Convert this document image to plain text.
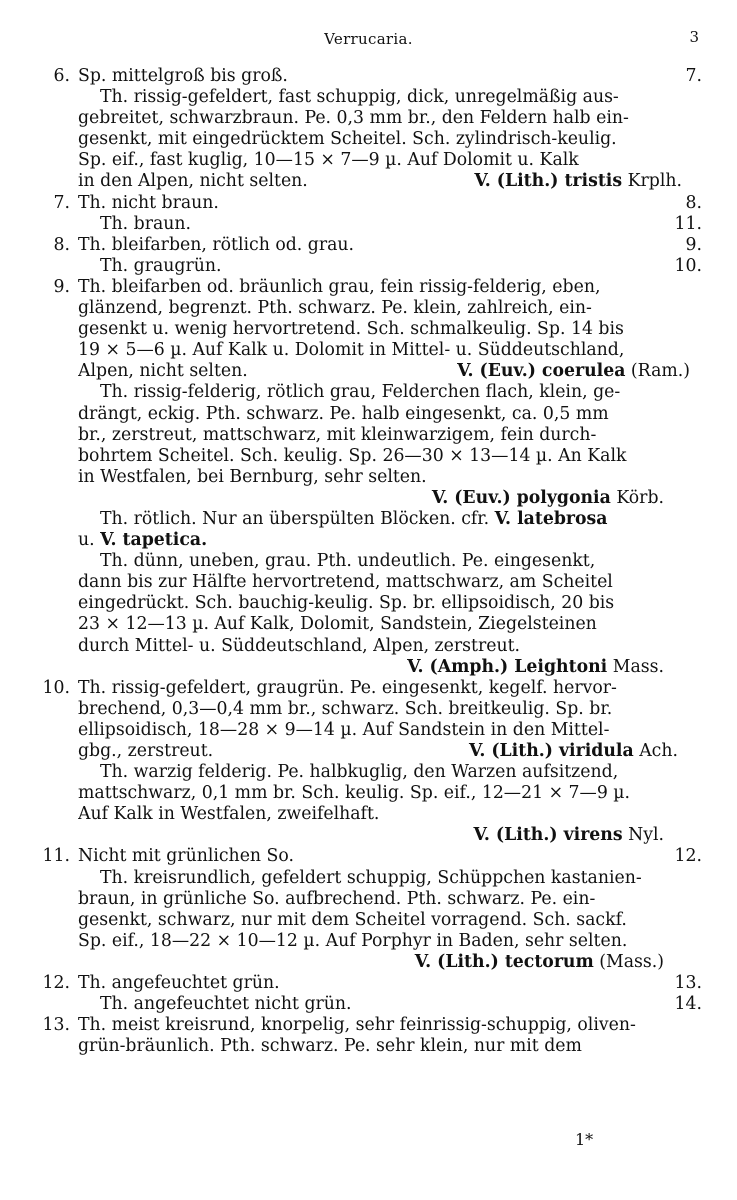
Verrucaria.	3
6. Sp. mittelgroß bis groß.	7.
Th. rissig-gefeldert, fast schuppig, dick, unregelmäßig aus-
gebreitet, schwarzbraun. Pe. 0,3 mm br., den Feldern halb ein-
gesenkt, mit eingedrücktem Scheitel. Sch. zylindrisch-keulig.
Sp. eif., fast kuglig, 10—15 × 7—9 µ. Auf Dolomit u. Kalk
in den Alpen, nicht selten.	V. (Lith.) tristis
Krplh.
7. Th. nicht braun.	8.
Th. braun.	11.
8. Th. bleifarben, rötlich od. grau.	9.
Th. graugrün.	10.
9. Th. bleifarben od. bräunlich grau, fein rissig-felderig, eben,
glänzend, begrenzt. Pth. schwarz. Pe. klein, zahlreich, ein-
gesenkt u. wenig hervortretend. Sch. schmalkeulig. Sp. 14 bis
19 × 5—6 µ. Auf Kalk u. Dolomit in Mittel- u. Süddeutschland,
Alpen, nicht selten.	V. (Euv.) coerulea
(Ram.)
Th. rissig-felderig, rötlich grau, Felderchen flach, klein, ge-
drängt, eckig. Pth. schwarz. Pe. halb eingesenkt, ca. 0,5 mm
br., zerstreut, mattschwarz, mit kleinwarzigem, fein durch-
bohrtem Scheitel. Sch. keulig. Sp. 26—30 × 13—14 µ. An Kalk
in Westfalen, bei Bernburg, sehr selten.
V. (Euv.) polygonia Körb.
Th. rötlich. Nur an überspülten Blöcken. cfr.
V. latebrosa
u. V. tapetica.
Th. dünn, uneben, grau. Pth. undeutlich. Pe. eingesenkt,
dann bis zur Hälfte hervortretend, mattschwarz, am Scheitel
eingedrückt. Sch. bauchig-keulig. Sp. br. ellipsoidisch, 20 bis
23 × 12—13 µ. Auf Kalk, Dolomit, Sandstein, Ziegelsteinen
durch Mittel- u. Süddeutschland, Alpen, zerstreut.
V. (Amph.) Leightoni Mass.
10. Th. rissig-gefeldert, graugrün. Pe. eingesenkt, kegelf. hervor-
brechend, 0,3—0,4 mm br., schwarz. Sch. breitkeulig. Sp. br.
ellipsoidisch, 18—28 × 9—14 µ. Auf Sandstein in den Mittel-
gbg., zerstreut.	V. (Lith.) viridula
Ach.
Th. warzig felderig. Pe. halbkuglig, den Warzen aufsitzend,
mattschwarz, 0,1 mm br. Sch. keulig. Sp. eif., 12—21 × 7—9 µ.
Auf Kalk in Westfalen, zweifelhaft.
V. (Lith.) virens Nyl.
11. Nicht mit grünlichen So.	12.
Th. kreisrundlich, gefeldert schuppig, Schüppchen kastanien-
braun, in grünliche So. aufbrechend. Pth. schwarz. Pe. ein-
gesenkt, schwarz, nur mit dem Scheitel vorragend. Sch. sackf.
Sp. eif., 18—22 × 10—12 µ. Auf Porphyr in Baden, sehr selten.
V. (Lith.) tectorum (Mass.)
12. Th. angefeuchtet grün.	13.
Th. angefeuchtet nicht grün.	14.
13. Th. meist kreisrund, knorpelig, sehr feinrissig-schuppig, oliven-
grün-bräunlich. Pth. schwarz. Pe. sehr klein, nur mit dem
1*
